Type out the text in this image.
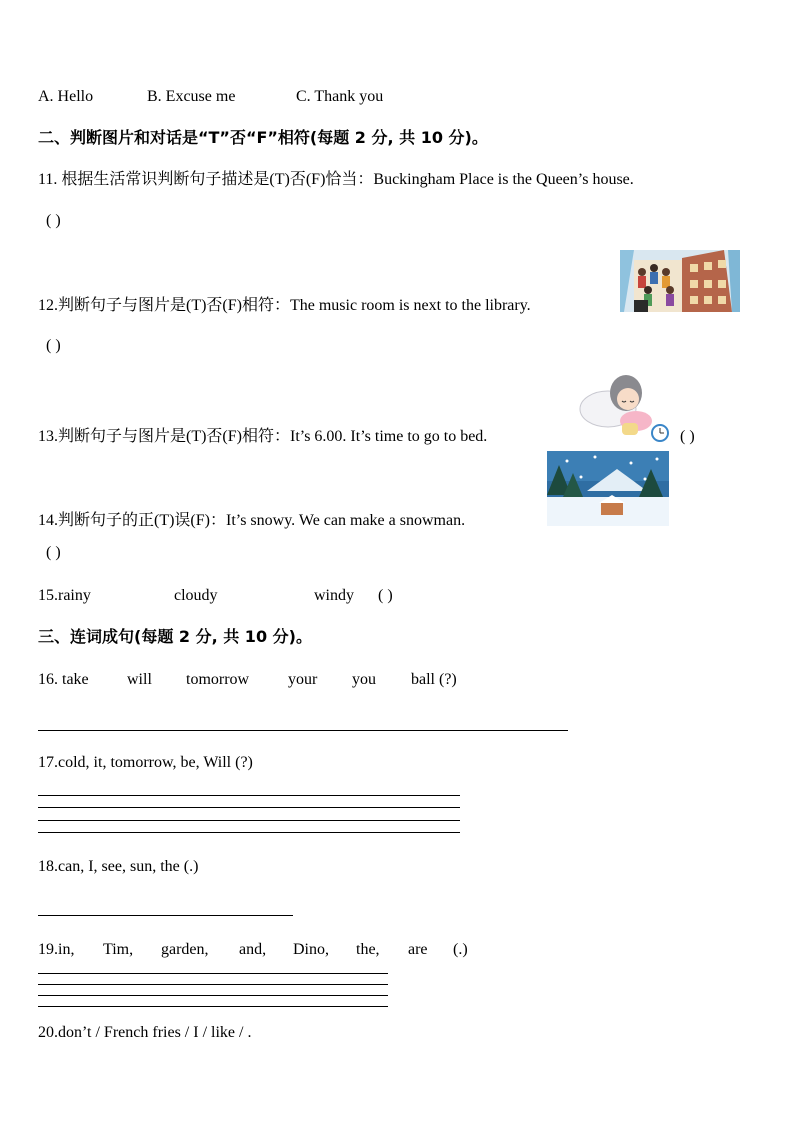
A. Hello	B. Excuse me	C. Thank you
二、判断图片和对话是“T”否“F”相符(每题 2 分, 共 10 分)。
11. 根据生活常识判断句子描述是(T)否(F)恰当：Buckingham Place is the Queen’s house.
( )
12.判断句子与图片是(T)否(F)相符：The music room is next to the library.
( )
13.判断句子与图片是(T)否(F)相符：It’s 6.00. It’s time to go to bed.	( )
14.判断句子的正(T)误(F)：It’s snowy. We can make a snowman.
( )
15.rainy	cloudy	windy ( )
三、连词成句(每题 2 分, 共 10 分)。
16. take will tomorrow your you ball (?)
17.cold, it, tomorrow, be, Will (?)
18.can, I, see, sun, the (.)
19.in, Tim, garden, and, Dino, the, are (.)
20.don’t / French fries / I / like / .
